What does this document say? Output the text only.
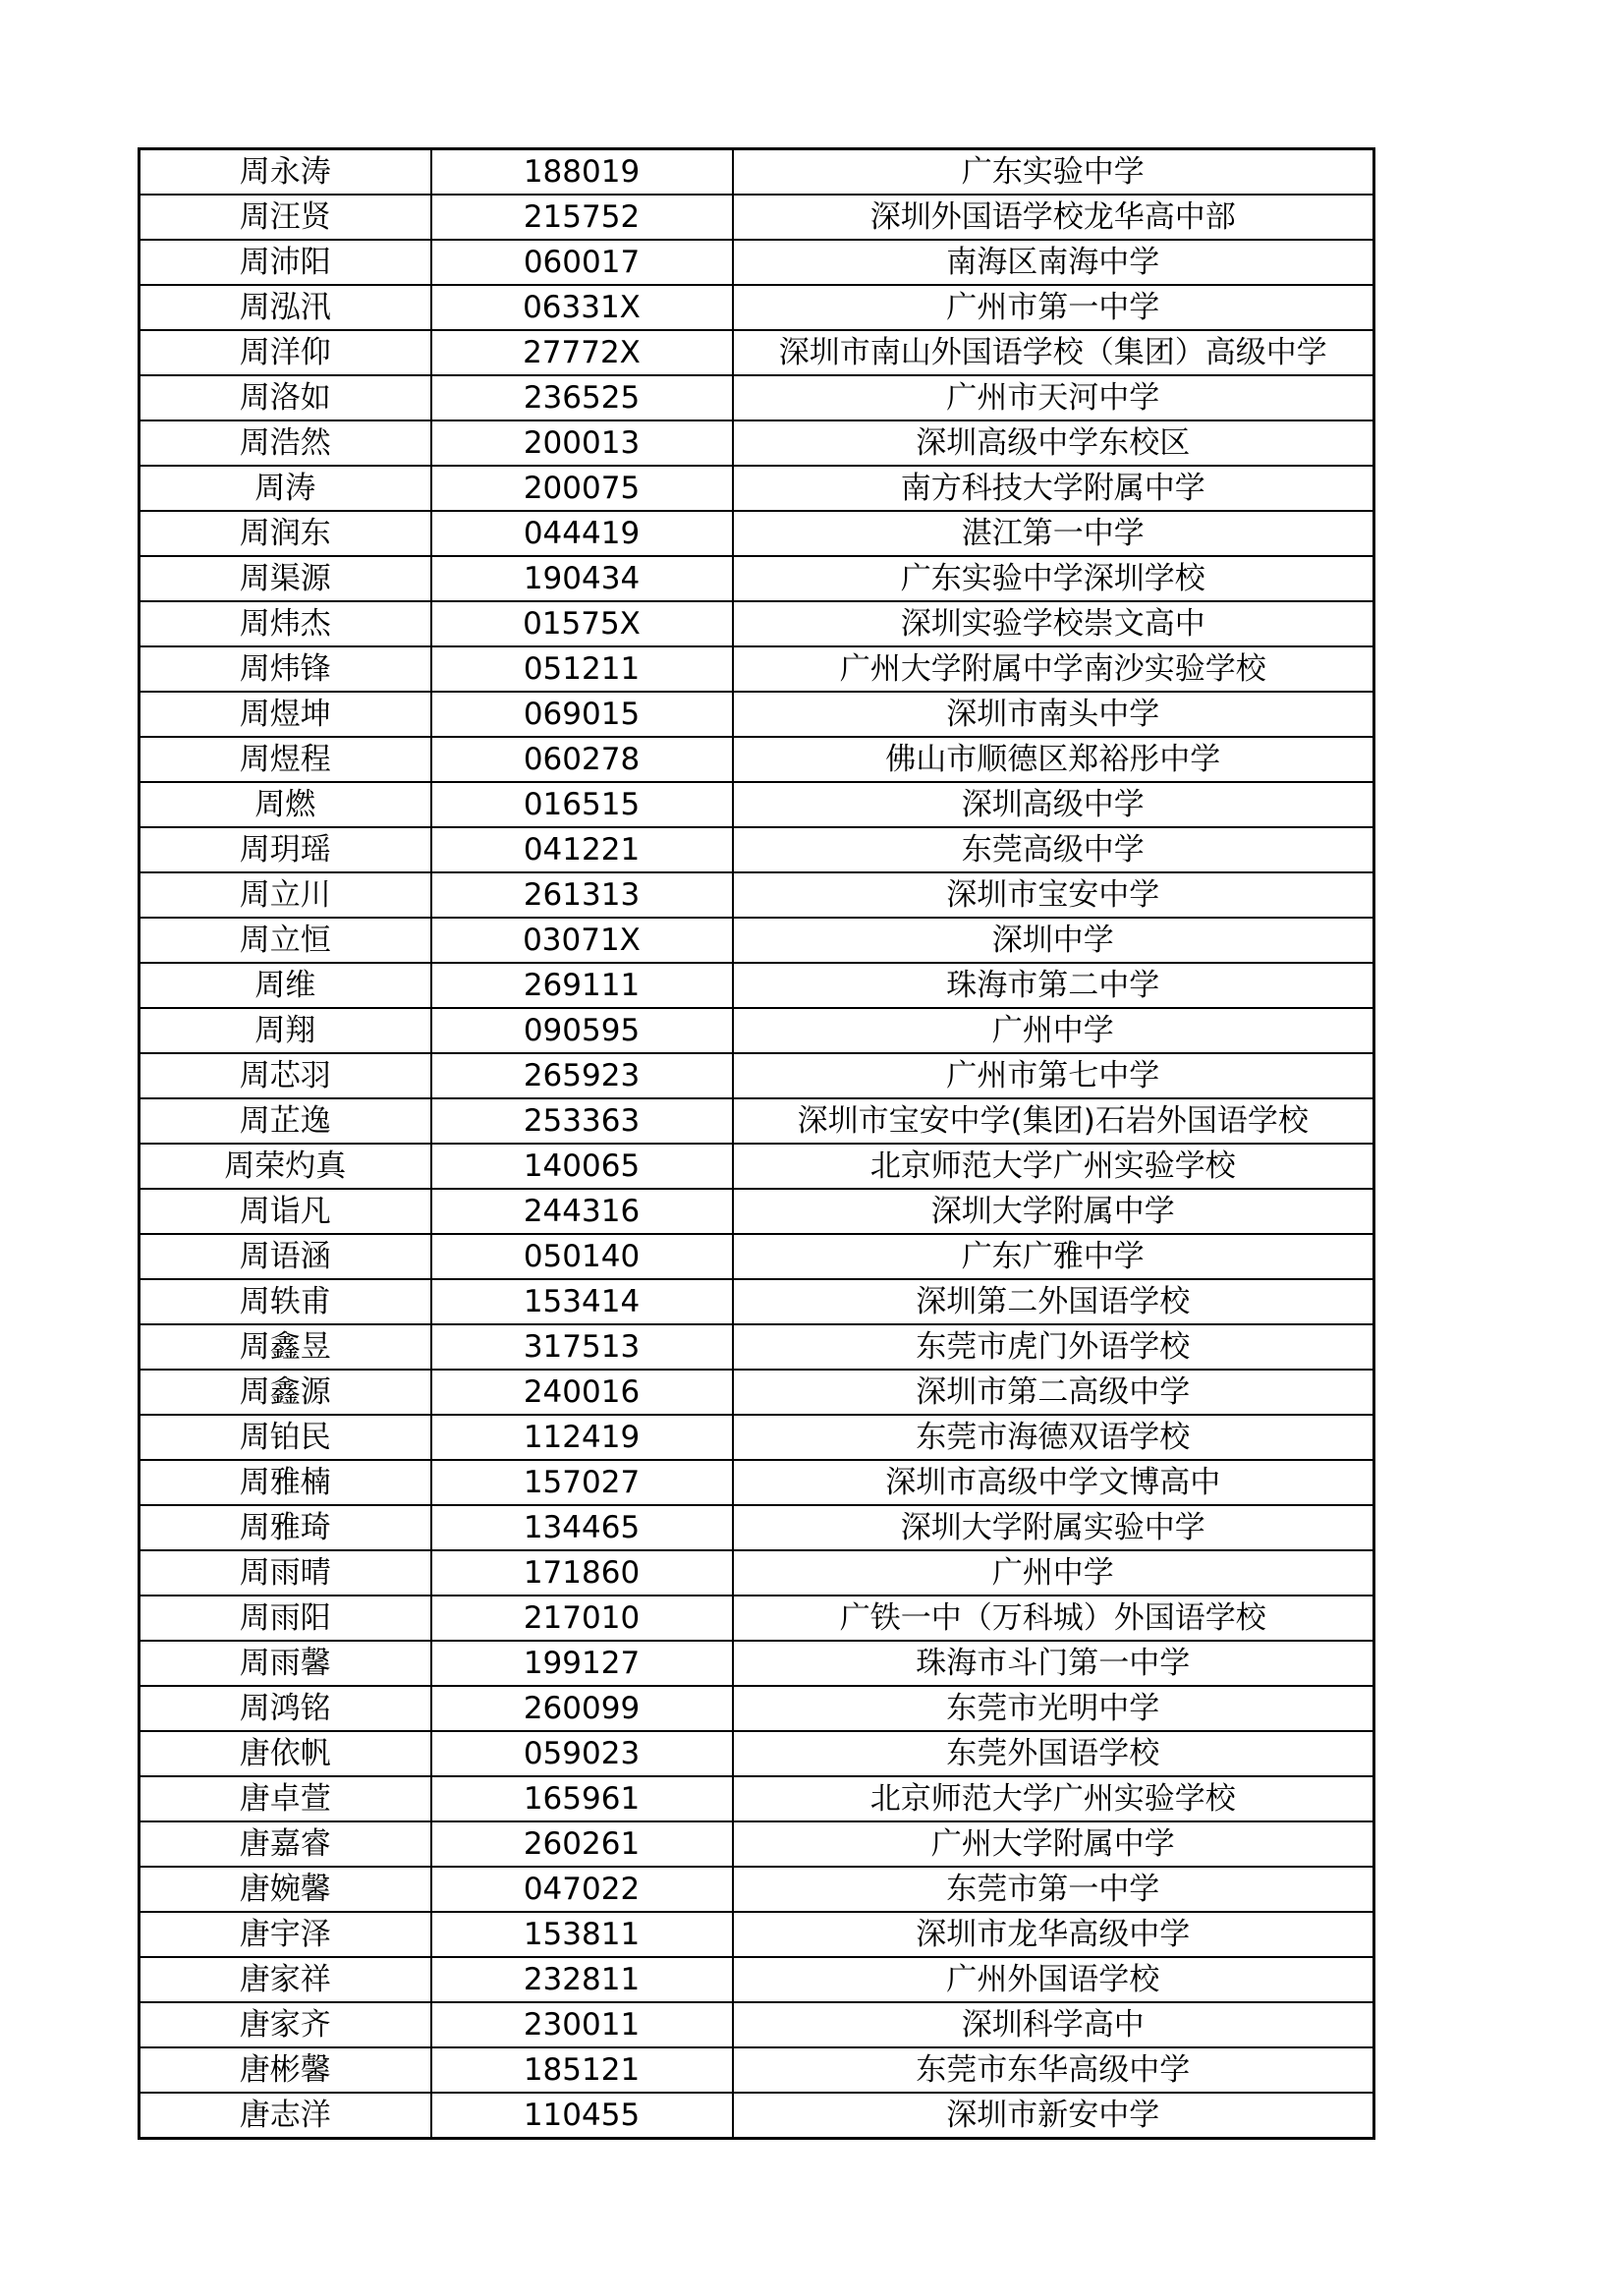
周永涛	188019	广东实验中学
周汪贤	215752	深圳外国语学校龙华高中部
周沛阳	060017	南海区南海中学
周泓汛	06331X	广州市第一中学
周洋仰	27772X	深圳市南山外国语学校（集团）高级中学
周洛如	236525	广州市天河中学
周浩然	200013	深圳高级中学东校区
周涛	200075	南方科技大学附属中学
周润东	044419	湛江第一中学
周渠源	190434	广东实验中学深圳学校
周炜杰	01575X	深圳实验学校崇文高中
周炜锋	051211	广州大学附属中学南沙实验学校
周煜坤	069015	深圳市南头中学
周煜程	060278	佛山市顺德区郑裕彤中学
周燃	016515	深圳高级中学
周玥瑶	041221	东莞高级中学
周立川	261313	深圳市宝安中学
周立恒	03071X	深圳中学
周维	269111	珠海市第二中学
周翔	090595	广州中学
周芯羽	265923	广州市第七中学
周芷逸	253363	深圳市宝安中学(集团)石岩外国语学校
周荣灼真	140065	北京师范大学广州实验学校
周诣凡	244316	深圳大学附属中学
周语涵	050140	广东广雅中学
周轶甫	153414	深圳第二外国语学校
周鑫昱	317513	东莞市虎门外语学校
周鑫源	240016	深圳市第二高级中学
周铂民	112419	东莞市海德双语学校
周雅楠	157027	深圳市高级中学文博高中
周雅琦	134465	深圳大学附属实验中学
周雨晴	171860	广州中学
周雨阳	217010	广铁一中（万科城）外国语学校
周雨馨	199127	珠海市斗门第一中学
周鸿铭	260099	东莞市光明中学
唐依帆	059023	东莞外国语学校
唐卓萱	165961	北京师范大学广州实验学校
唐嘉睿	260261	广州大学附属中学
唐婉馨	047022	东莞市第一中学
唐宇泽	153811	深圳市龙华高级中学
唐家祥	232811	广州外国语学校
唐家齐	230011	深圳科学高中
唐彬馨	185121	东莞市东华高级中学
唐志洋	110455	深圳市新安中学
